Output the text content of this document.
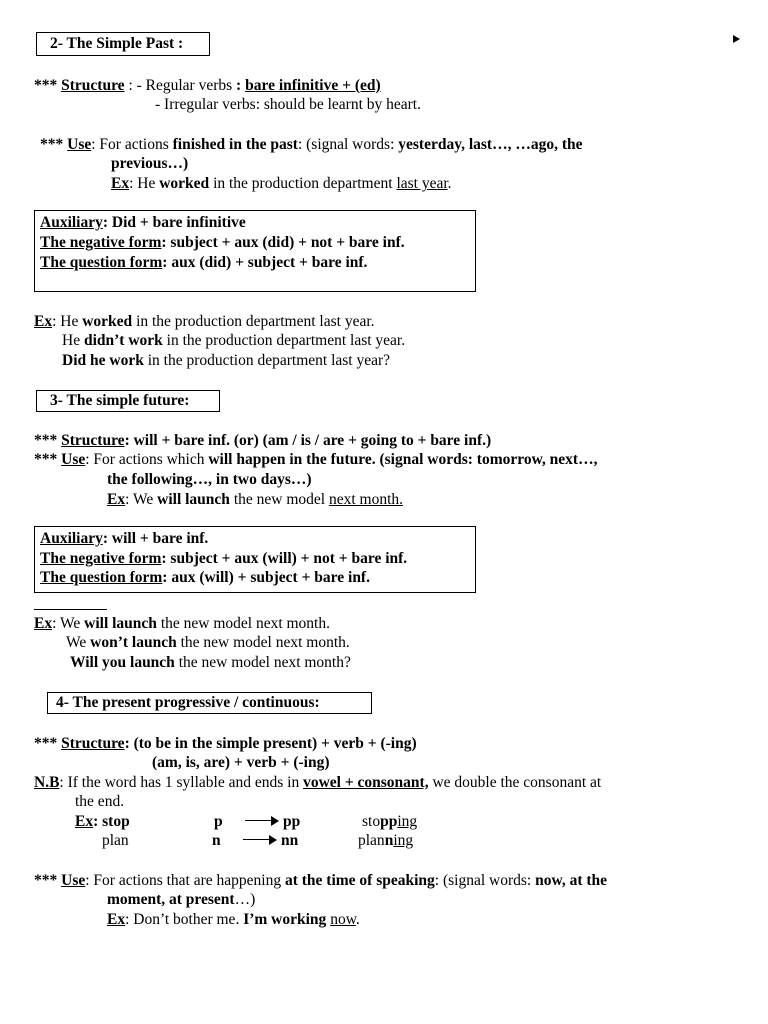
2- The Simple Past :
*** Structure : - Regular verbs : bare infinitive + (ed)
- Irregular verbs: should be learnt by heart.
*** Use: For actions finished in the past: (signal words: yesterday, last…, …ago, the
previous…)
Ex: He worked in the production department last year.
Auxiliary: Did + bare infinitive
The negative form: subject + aux (did) + not + bare inf.
The question form: aux (did) + subject + bare inf.
Ex: He worked in the production department last year.
He didn’t work in the production department last year.
Did he work in the production department last year?
3- The simple future:
*** Structure: will + bare inf. (or) (am / is / are + going to + bare inf.)
*** Use: For actions which will happen in the future. (signal words: tomorrow, next…,
the following…, in two days…)
Ex: We will launch the new model next month.
Auxiliary: will + bare inf.
The negative form: subject + aux (will) + not + bare inf.
The question form: aux (will) + subject + bare inf.
Ex: We will launch the new model next month.
We won’t launch the new model next month.
Will you launch the new model next month?
4- The present progressive / continuous:
*** Structure: (to be in the simple present) + verb + (-ing)
(am, is, are) + verb + (-ing)
N.B: If the word has 1 syllable and ends in vowel + consonant, we double the consonant at
the end.
Ex: stop	p	pp	stopping
plan	n	nn	planning
*** Use: For actions that are happening at the time of speaking: (signal words: now, at the
moment, at present…)
Ex: Don’t bother me. I’m working now.
